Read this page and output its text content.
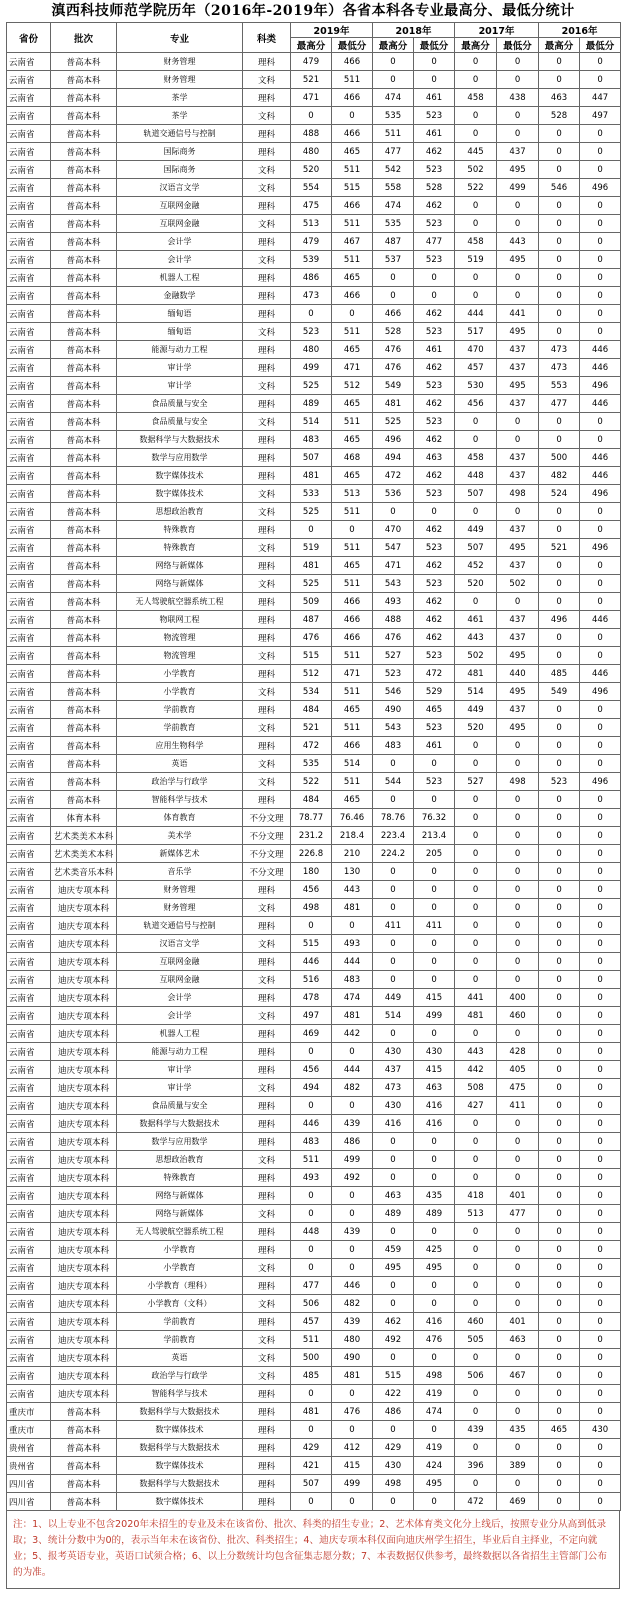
滇西科技师范学院历年（2016年-2019年）各省本科各专业最高分、最低分统计
省份	批次	专业	科类	2019年		2018年		2017年		2016年	
				最高分	最低分	最高分	最低分	最高分	最低分	最高分	最低分
云南省	普高本科	财务管理	理科	479	466	0	0	0	0	0	0
云南省	普高本科	财务管理	文科	521	511	0	0	0	0	0	0
云南省	普高本科	茶学	理科	471	466	474	461	458	438	463	447
云南省	普高本科	茶学	文科	0	0	535	523	0	0	528	497
云南省	普高本科	轨道交通信号与控制	理科	488	466	511	461	0	0	0	0
云南省	普高本科	国际商务	理科	480	465	477	462	445	437	0	0
云南省	普高本科	国际商务	文科	520	511	542	523	502	495	0	0
云南省	普高本科	汉语言文学	文科	554	515	558	528	522	499	546	496
云南省	普高本科	互联网金融	理科	475	466	474	462	0	0	0	0
云南省	普高本科	互联网金融	文科	513	511	535	523	0	0	0	0
云南省	普高本科	会计学	理科	479	467	487	477	458	443	0	0
云南省	普高本科	会计学	文科	539	511	537	523	519	495	0	0
云南省	普高本科	机器人工程	理科	486	465	0	0	0	0	0	0
云南省	普高本科	金融数学	理科	473	466	0	0	0	0	0	0
云南省	普高本科	缅甸语	理科	0	0	466	462	444	441	0	0
云南省	普高本科	缅甸语	文科	523	511	528	523	517	495	0	0
云南省	普高本科	能源与动力工程	理科	480	465	476	461	470	437	473	446
云南省	普高本科	审计学	理科	499	471	476	462	457	437	473	446
云南省	普高本科	审计学	文科	525	512	549	523	530	495	553	496
云南省	普高本科	食品质量与安全	理科	489	465	481	462	456	437	477	446
云南省	普高本科	食品质量与安全	文科	514	511	525	523	0	0	0	0
云南省	普高本科	数据科学与大数据技术	理科	483	465	496	462	0	0	0	0
云南省	普高本科	数学与应用数学	理科	507	468	494	463	458	437	500	446
云南省	普高本科	数字媒体技术	理科	481	465	472	462	448	437	482	446
云南省	普高本科	数字媒体技术	文科	533	513	536	523	507	498	524	496
云南省	普高本科	思想政治教育	文科	525	511	0	0	0	0	0	0
云南省	普高本科	特殊教育	理科	0	0	470	462	449	437	0	0
云南省	普高本科	特殊教育	文科	519	511	547	523	507	495	521	496
云南省	普高本科	网络与新媒体	理科	481	465	471	462	452	437	0	0
云南省	普高本科	网络与新媒体	文科	525	511	543	523	520	502	0	0
云南省	普高本科	无人驾驶航空器系统工程	理科	509	466	493	462	0	0	0	0
云南省	普高本科	物联网工程	理科	487	466	488	462	461	437	496	446
云南省	普高本科	物流管理	理科	476	466	476	462	443	437	0	0
云南省	普高本科	物流管理	文科	515	511	527	523	502	495	0	0
云南省	普高本科	小学教育	理科	512	471	523	472	481	440	485	446
云南省	普高本科	小学教育	文科	534	511	546	529	514	495	549	496
云南省	普高本科	学前教育	理科	484	465	490	465	449	437	0	0
云南省	普高本科	学前教育	文科	521	511	543	523	520	495	0	0
云南省	普高本科	应用生物科学	理科	472	466	483	461	0	0	0	0
云南省	普高本科	英语	文科	535	514	0	0	0	0	0	0
云南省	普高本科	政治学与行政学	文科	522	511	544	523	527	498	523	496
云南省	普高本科	智能科学与技术	理科	484	465	0	0	0	0	0	0
云南省	体育本科	体育教育	不分文理	78.77	76.46	78.76	76.32	0	0	0	0
云南省	艺术类美术本科	美术学	不分文理	231.2	218.4	223.4	213.4	0	0	0	0
云南省	艺术类美术本科	新媒体艺术	不分文理	226.8	210	224.2	205	0	0	0	0
云南省	艺术类音乐本科	音乐学	不分文理	180	130	0	0	0	0	0	0
云南省	迪庆专项本科	财务管理	理科	456	443	0	0	0	0	0	0
云南省	迪庆专项本科	财务管理	文科	498	481	0	0	0	0	0	0
云南省	迪庆专项本科	轨道交通信号与控制	理科	0	0	411	411	0	0	0	0
云南省	迪庆专项本科	汉语言文学	文科	515	493	0	0	0	0	0	0
云南省	迪庆专项本科	互联网金融	理科	446	444	0	0	0	0	0	0
云南省	迪庆专项本科	互联网金融	文科	516	483	0	0	0	0	0	0
云南省	迪庆专项本科	会计学	理科	478	474	449	415	441	400	0	0
云南省	迪庆专项本科	会计学	文科	497	481	514	499	481	460	0	0
云南省	迪庆专项本科	机器人工程	理科	469	442	0	0	0	0	0	0
云南省	迪庆专项本科	能源与动力工程	理科	0	0	430	430	443	428	0	0
云南省	迪庆专项本科	审计学	理科	456	444	437	415	442	405	0	0
云南省	迪庆专项本科	审计学	文科	494	482	473	463	508	475	0	0
云南省	迪庆专项本科	食品质量与安全	理科	0	0	430	416	427	411	0	0
云南省	迪庆专项本科	数据科学与大数据技术	理科	446	439	416	416	0	0	0	0
云南省	迪庆专项本科	数学与应用数学	理科	483	486	0	0	0	0	0	0
云南省	迪庆专项本科	思想政治教育	文科	511	499	0	0	0	0	0	0
云南省	迪庆专项本科	特殊教育	理科	493	492	0	0	0	0	0	0
云南省	迪庆专项本科	网络与新媒体	理科	0	0	463	435	418	401	0	0
云南省	迪庆专项本科	网络与新媒体	文科	0	0	489	489	513	477	0	0
云南省	迪庆专项本科	无人驾驶航空器系统工程	理科	448	439	0	0	0	0	0	0
云南省	迪庆专项本科	小学教育	理科	0	0	459	425	0	0	0	0
云南省	迪庆专项本科	小学教育	文科	0	0	495	495	0	0	0	0
云南省	迪庆专项本科	小学教育（理科）	理科	477	446	0	0	0	0	0	0
云南省	迪庆专项本科	小学教育（文科）	文科	506	482	0	0	0	0	0	0
云南省	迪庆专项本科	学前教育	理科	457	439	462	416	460	401	0	0
云南省	迪庆专项本科	学前教育	文科	511	480	492	476	505	463	0	0
云南省	迪庆专项本科	英语	文科	500	490	0	0	0	0	0	0
云南省	迪庆专项本科	政治学与行政学	文科	485	481	515	498	506	467	0	0
云南省	迪庆专项本科	智能科学与技术	理科	0	0	422	419	0	0	0	0
重庆市	普高本科	数据科学与大数据技术	理科	481	476	486	474	0	0	0	0
重庆市	普高本科	数字媒体技术	理科	0	0	0	0	439	435	465	430
贵州省	普高本科	数据科学与大数据技术	理科	429	412	429	419	0	0	0	0
贵州省	普高本科	数字媒体技术	理科	421	415	430	424	396	389	0	0
四川省	普高本科	数据科学与大数据技术	理科	507	499	498	495	0	0	0	0
四川省	普高本科	数字媒体技术	理科	0	0	0	0	472	469	0	0
注：1、以上专业不包含2020年未招生的专业及未在该省份、批次、科类的招生专业；2、艺术体育类文化分上线后，按照专业分从高到低录取；3、统计分数中为0的，表示当年未在该省份、批次、科类招生；4、迪庆专项本科仅面向迪庆州学生招生，毕业后自主择业，不定向就业；5、报考英语专业，英语口试须合格；6、以上分数统计均包含征集志愿分数；7、本表数据仅供参考，最终数据以各省招生主管部门公布的为准。
